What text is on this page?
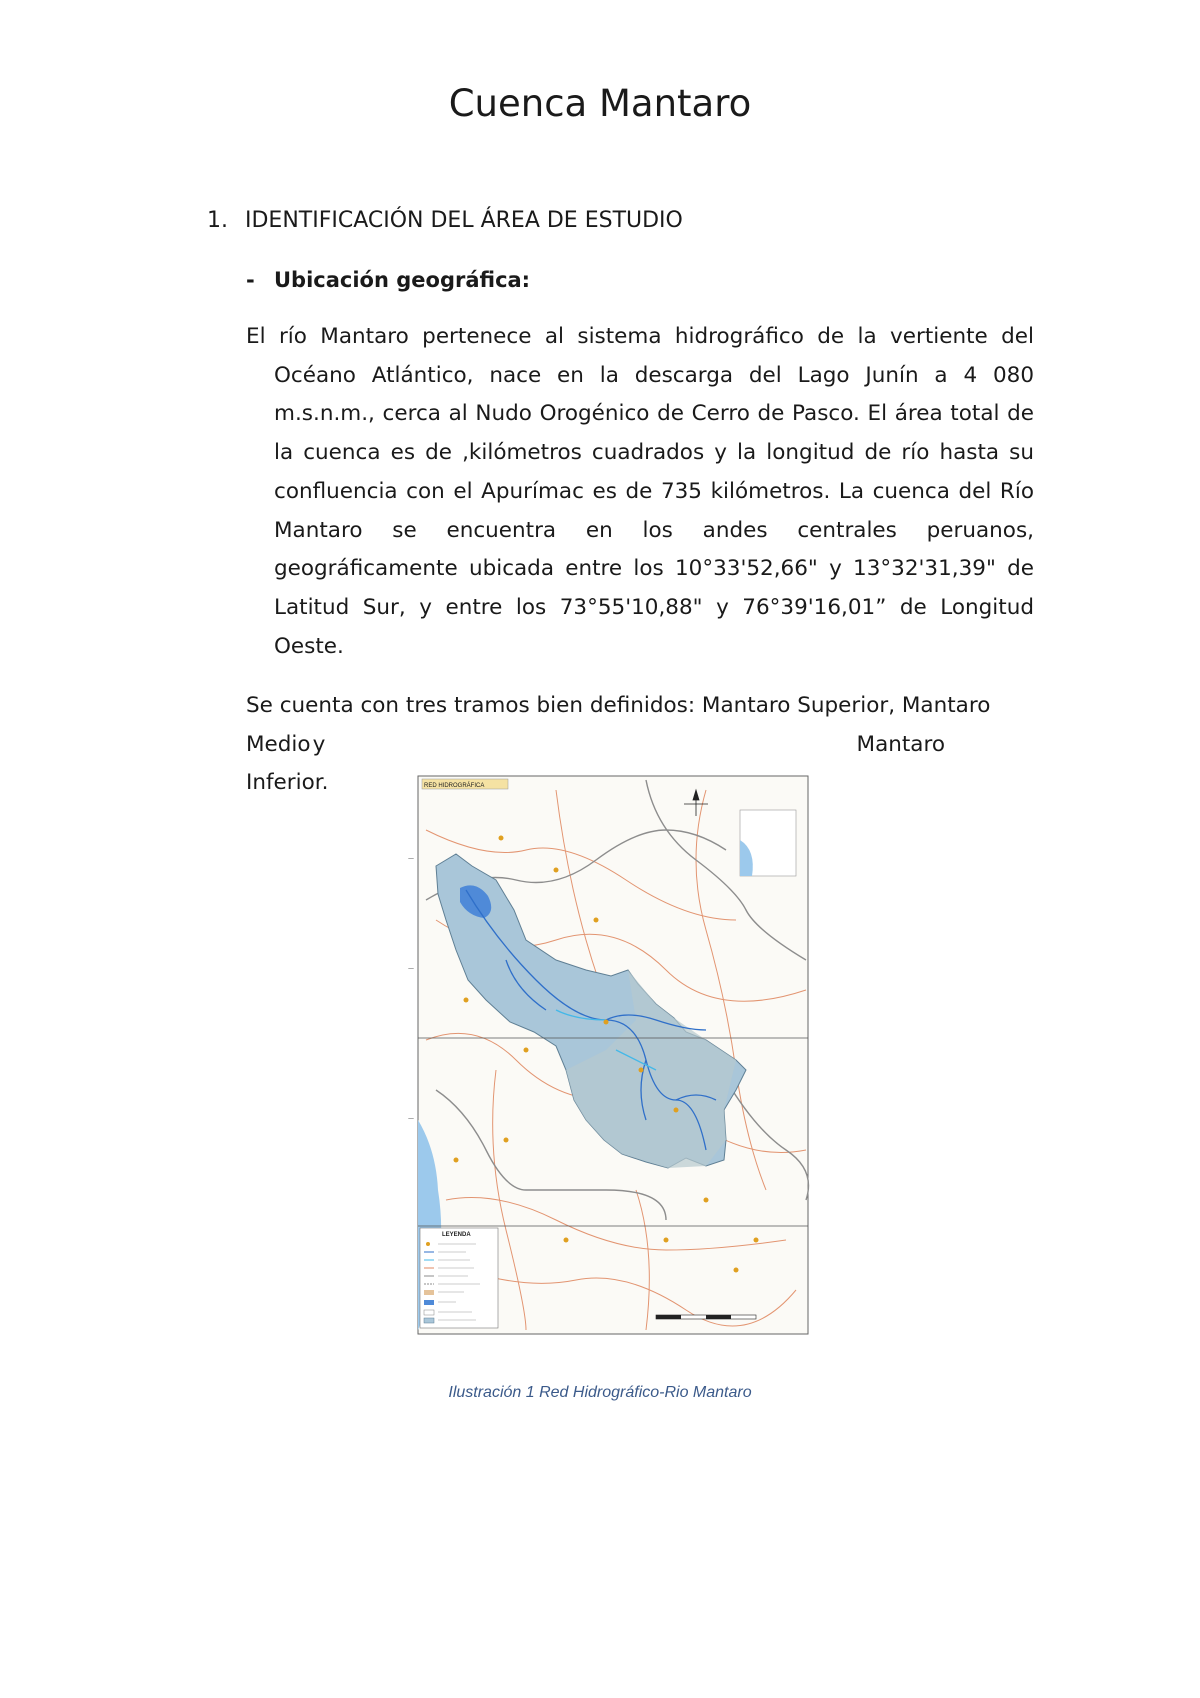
Cuenca Mantaro
1. IDENTIFICACIÓN DEL ÁREA DE ESTUDIO
- Ubicación geográfica:
El río Mantaro pertenece al sistema hidrográfico de la vertiente del Océano Atlántico, nace en la descarga del Lago Junín a 4 080 m.s.n.m., cerca al Nudo Orogénico de Cerro de Pasco. El área total de la cuenca es de ,kilómetros cuadrados y la longitud de río hasta su confluencia con el Apurímac es de 735 kilómetros. La cuenca del Río Mantaro se encuentra en los andes centrales peruanos, geográficamente ubicada entre los 10°33'52,66" y 13°32'31,39" de Latitud Sur, y entre los 73°55'10,88" y 76°39'16,01” de Longitud Oeste.
Se cuenta con tres tramos bien definidos: Mantaro Superior, Mantaro
Medio y	Mantaro
Inferior.
—
—
—
RED HIDROGRÁFICA
LEYENDA
Ilustración 1 Red Hidrográfico-Rio Mantaro
